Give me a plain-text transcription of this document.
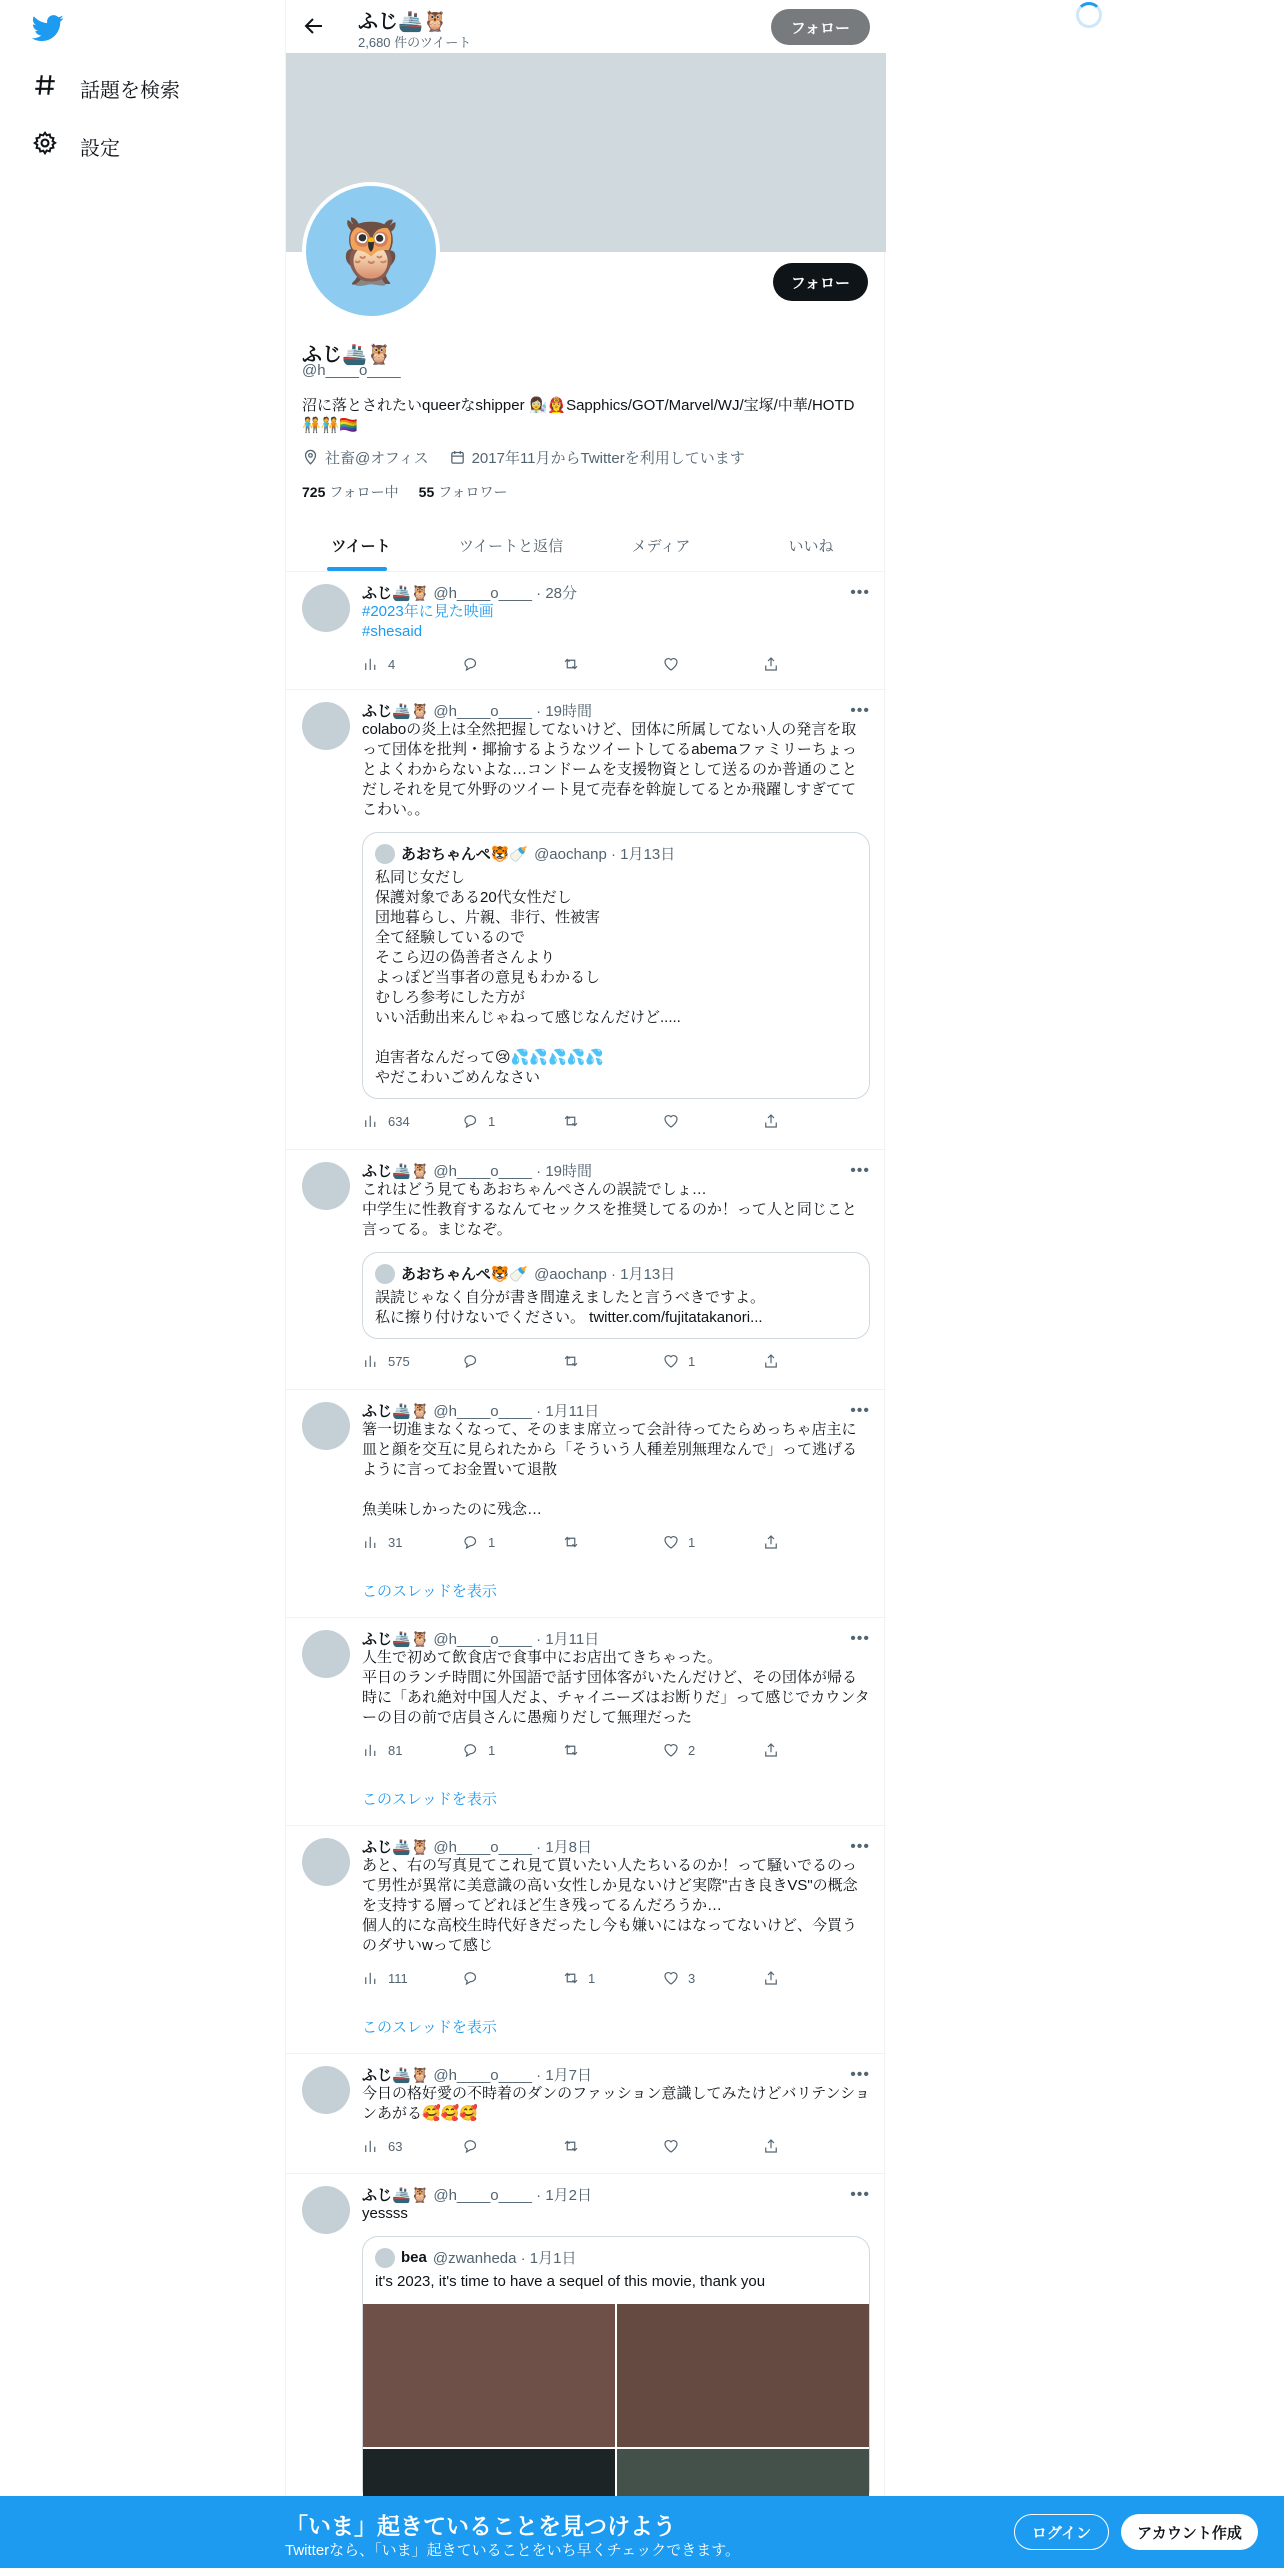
話題を検索
設定
ふじ🚢🦉
2,680 件のツイート
フォロー
🦉	フォロー
ふじ🚢🦉
@h____o____
沼に落とされたいqueerなshipper 👩‍🔬👩‍🚒Sapphics/GOT/Marvel/WJ/宝塚/中華/HOTD
🧑‍🤝‍🧑🧑‍🤝‍🧑🏳️‍🌈
社畜@オフィス	2017年11月からTwitterを利用しています
725 フォロー中 55 フォロワー
ツイート	ツイートと返信	メディア	いいね
•••
ふじ🚢🦉 @h____o____ · 28分
#2023年に見た映画
#shesaid
4
•••
ふじ🚢🦉 @h____o____ · 19時間
colaboの炎上は全然把握してないけど、団体に所属してない人の発言を取って団体を批判・揶揄するようなツイートしてるabemaファミリーちょっとよくわからないよな…コンドームを支援物資として送るのか普通のことだしそれを見て外野のツイート見て売春を斡旋してるとか飛躍しすぎててこわい。。
あおちゃんぺ🐯🍼 @aochanp · 1月13日
私同じ女だし
保護対象である20代女性だし
団地暮らし、片親、非行、性被害
全て経験しているので
そこら辺の偽善者さんより
よっぽど当事者の意見もわかるし
むしろ参考にした方が
いい活動出来んじゃねって感じなんだけど.....

迫害者なんだって😢💦💦💦💦💦
やだこわいごめんなさい
634	1
•••
ふじ🚢🦉 @h____o____ · 19時間
これはどう見てもあおちゃんぺさんの誤読でしょ…
中学生に性教育するなんてセックスを推奨してるのか！って人と同じこと言ってる。まじなぞ。
あおちゃんぺ🐯🍼 @aochanp · 1月13日
誤読じゃなく自分が書き間違えましたと言うべきですよ。
私に擦り付けないでください。 twitter.com/fujitatakanori...
575	1
•••
ふじ🚢🦉 @h____o____ · 1月11日
箸一切進まなくなって、そのまま席立って会計待ってたらめっちゃ店主に皿と顔を交互に見られたから「そういう人種差別無理なんで」って逃げるように言ってお金置いて退散

魚美味しかったのに残念…
31	1	1
このスレッドを表示
•••
ふじ🚢🦉 @h____o____ · 1月11日
人生で初めて飲食店で食事中にお店出てきちゃった。
平日のランチ時間に外国語で話す団体客がいたんだけど、その団体が帰る時に「あれ絶対中国人だよ、チャイニーズはお断りだ」って感じでカウンターの目の前で店員さんに愚痴りだして無理だった
81	1	2
このスレッドを表示
•••
ふじ🚢🦉 @h____o____ · 1月8日
あと、右の写真見てこれ見て買いたい人たちいるのか！って騒いでるのって男性が異常に美意識の高い女性しか見ないけど実際"古き良きVS"の概念を支持する層ってどれほど生き残ってるんだろうか…
個人的にな高校生時代好きだったし今も嫌いにはなってないけど、今買うのダサいwって感じ
111	1	3
このスレッドを表示
•••
ふじ🚢🦉 @h____o____ · 1月7日
今日の格好愛の不時着のダンのファッション意識してみたけどバリテンションあがる🥰🥰🥰
63
•••
ふじ🚢🦉 @h____o____ · 1月2日
yessss
bea @zwanheda · 1月1日
it's 2023, it's time to have a sequel of this movie, thank you
「いま」起きていることを見つけよう
Twitterなら、「いま」起きていることをいち早くチェックできます。
ログイン	アカウント作成
